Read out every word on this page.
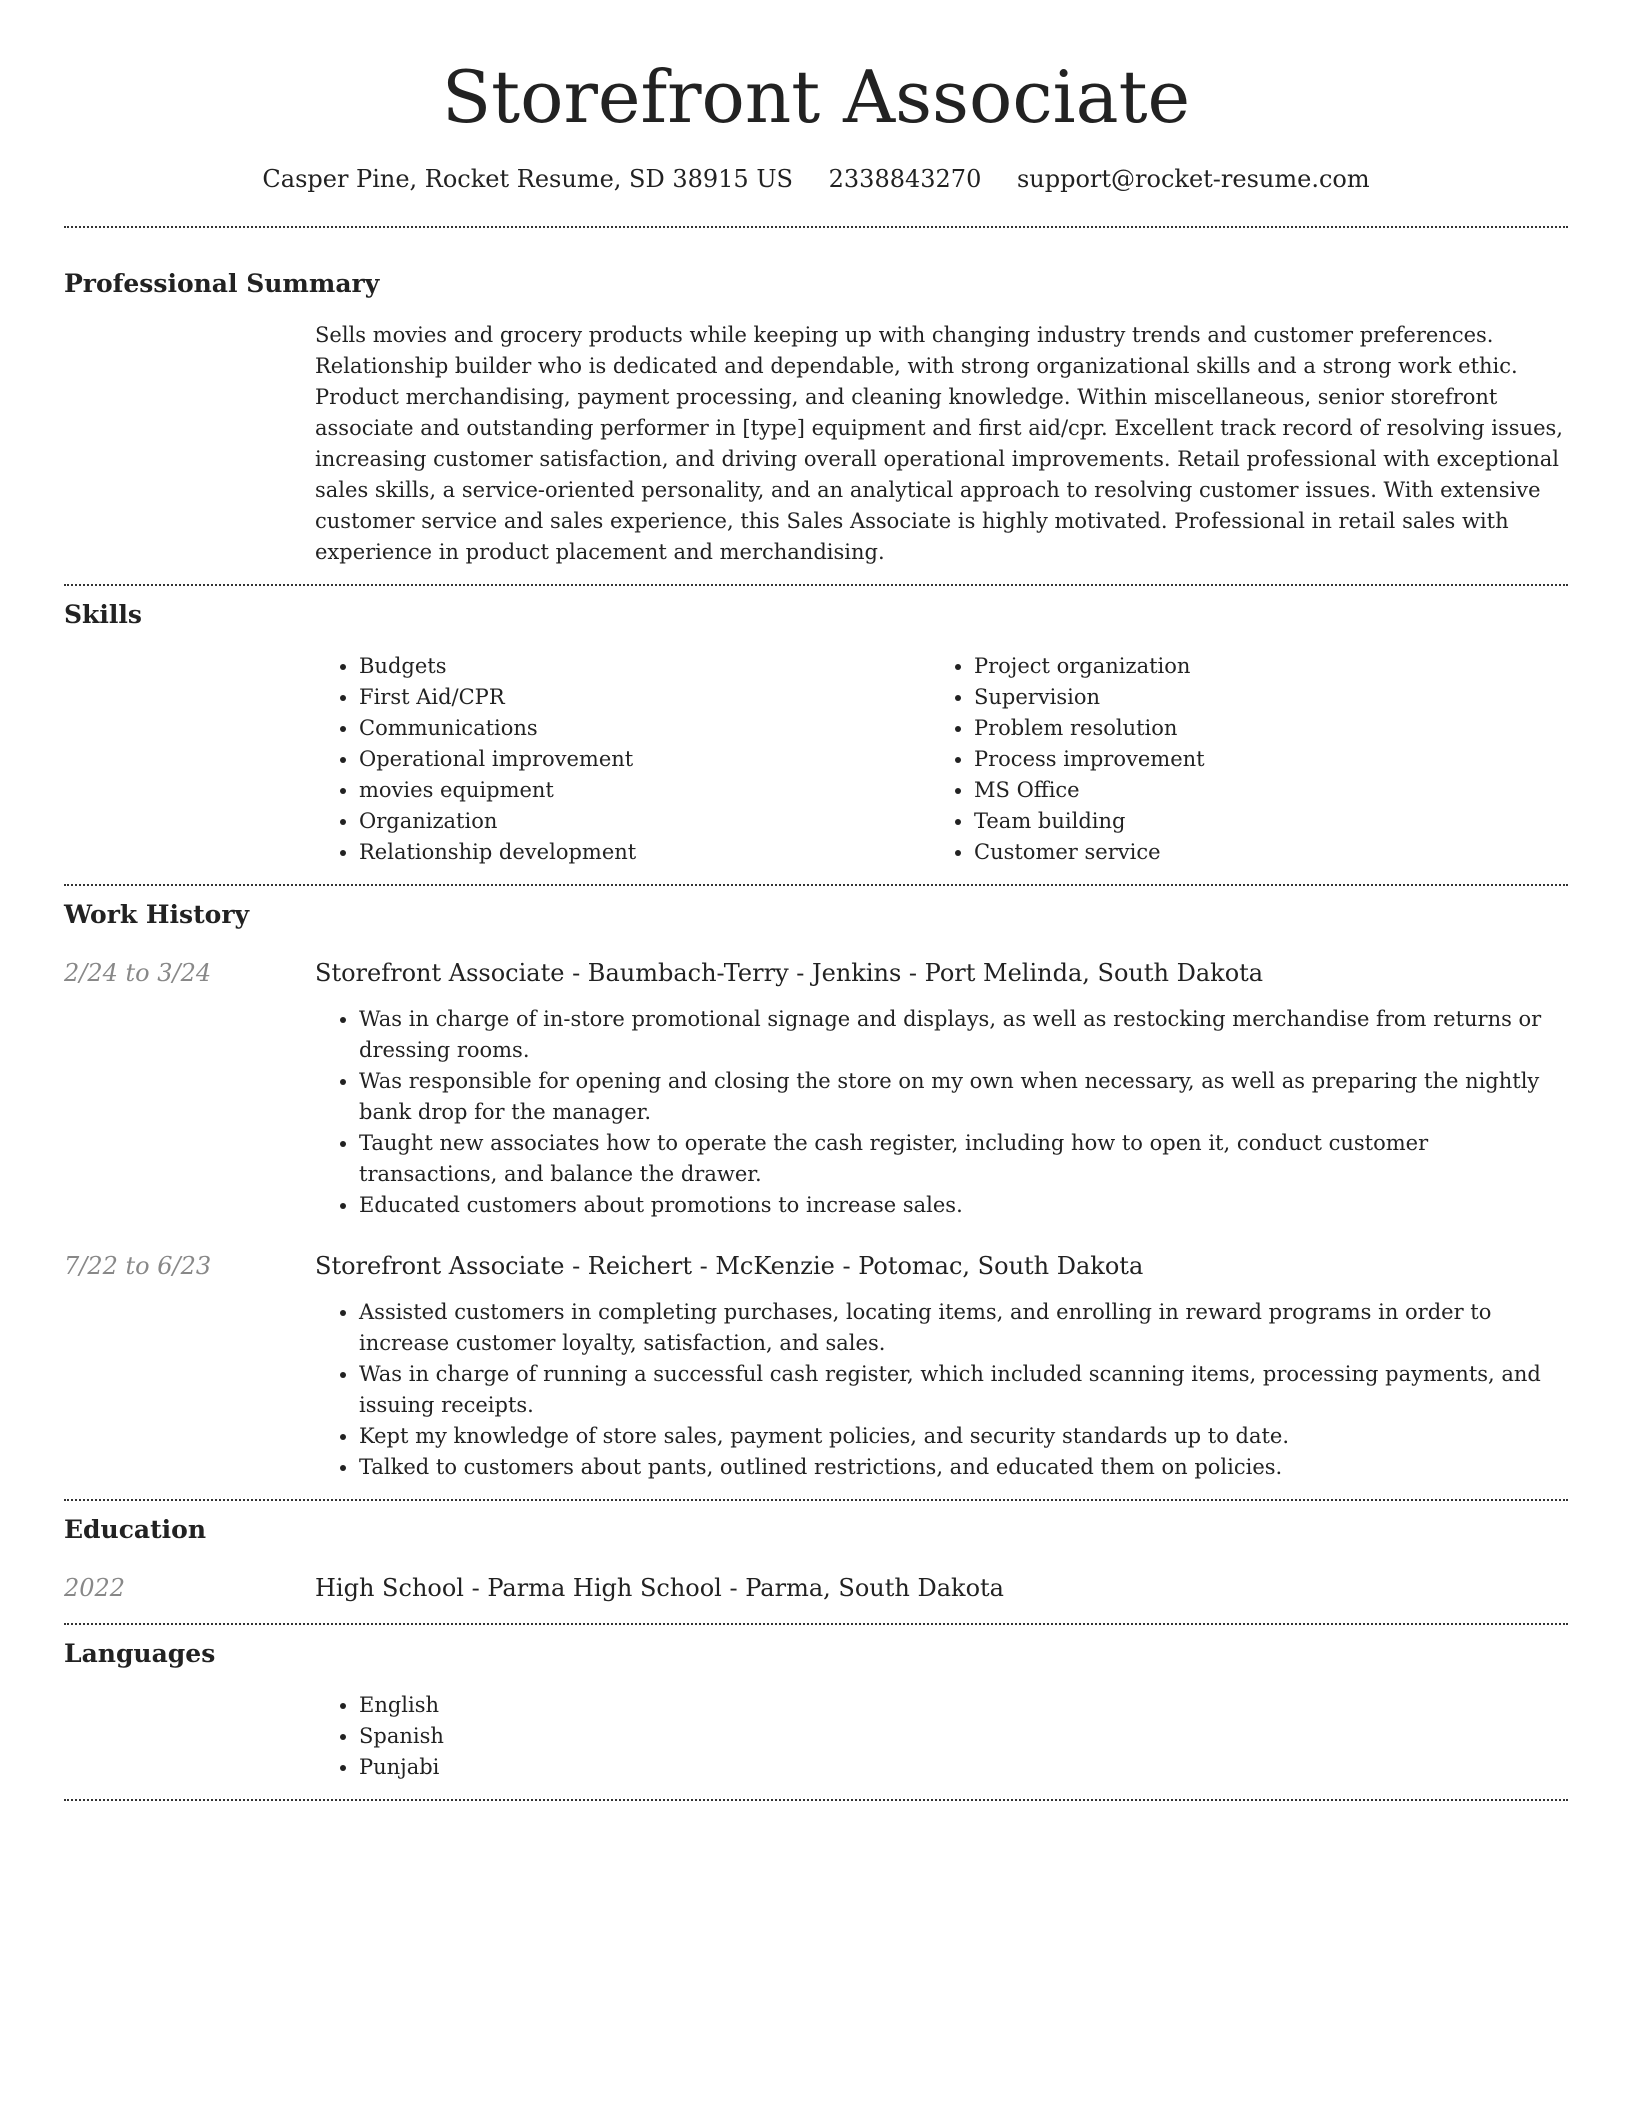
Storefront Associate
Casper Pine, Rocket Resume, SD 38915 US 2338843270 support@rocket-resume.com
Professional Summary

Sells movies and grocery products while keeping up with changing industry trends and customer preferences. Relationship builder who is dedicated and dependable, with strong organizational skills and a strong work ethic. Product merchandising, payment processing, and cleaning knowledge. Within miscellaneous, senior storefront associate and outstanding performer in [type] equipment and first aid/cpr. Excellent track record of resolving issues, increasing customer satisfaction, and driving overall operational improvements. Retail professional with exceptional sales skills, a service-oriented personality, and an analytical approach to resolving customer issues. With extensive customer service and sales experience, this Sales Associate is highly motivated. Professional in retail sales with experience in product placement and merchandising.

Skills
• Budgets
• First Aid/CPR
• Communications
• Operational improvement
• movies equipment
• Organization
• Relationship development
• Project organization
• Supervision
• Problem resolution
• Process improvement
• MS Office
• Team building
• Customer service
Work History
2/24 to 3/24	Storefront Associate - Baumbach-Terry - Jenkins - Port Melinda, South Dakota

• Was in charge of in-store promotional signage and displays, as well as restocking merchandise from returns or dressing rooms.
• Was responsible for opening and closing the store on my own when necessary, as well as preparing the nightly bank drop for the manager.
• Taught new associates how to operate the cash register, including how to open it, conduct customer transactions, and balance the drawer.
• Educated customers about promotions to increase sales.
7/22 to 6/23	Storefront Associate - Reichert - McKenzie - Potomac, South Dakota

• Assisted customers in completing purchases, locating items, and enrolling in reward programs in order to increase customer loyalty, satisfaction, and sales.
• Was in charge of running a successful cash register, which included scanning items, processing payments, and issuing receipts.
• Kept my knowledge of store sales, payment policies, and security standards up to date.
• Talked to customers about pants, outlined restrictions, and educated them on policies.
Education
2022	High School - Parma High School - Parma, South Dakota

Languages
• English
• Spanish
• Punjabi
